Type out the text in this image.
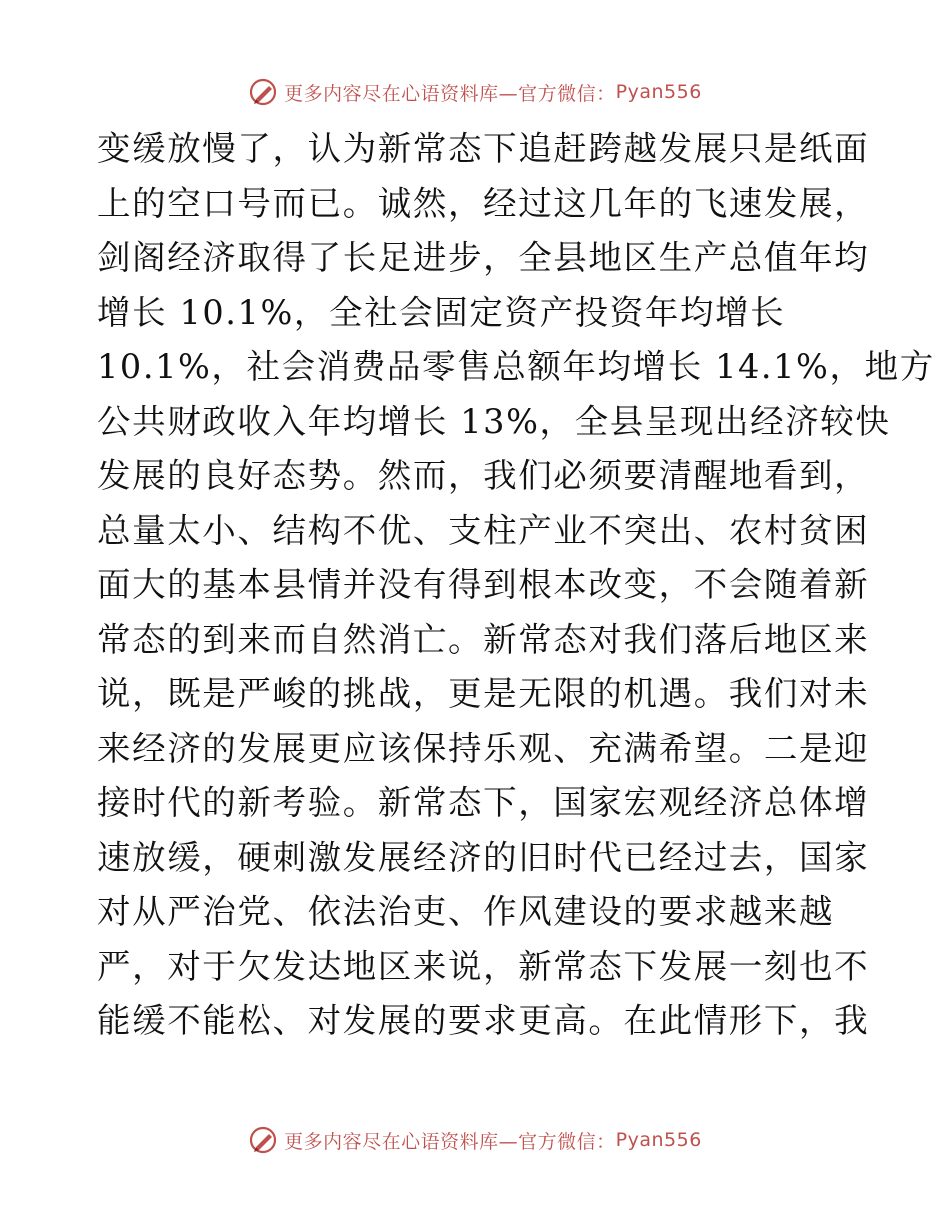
更多内容尽在心语资料库—官方微信： Pyan556
变缓放慢了，认为新常态下追赶跨越发展只是纸面
上的空口号而已。诚然，经过这几年的飞速发展，
剑阁经济取得了长足进步，全县地区生产总值年均
增长 10.1%，全社会固定资产投资年均增长
10.1%，社会消费品零售总额年均增长 14.1%，地方
公共财政收入年均增长 13%，全县呈现出经济较快
发展的良好态势。然而，我们必须要清醒地看到，
总量太小、结构不优、支柱产业不突出、农村贫困
面大的基本县情并没有得到根本改变，不会随着新
常态的到来而自然消亡。新常态对我们落后地区来
说，既是严峻的挑战，更是无限的机遇。我们对未
来经济的发展更应该保持乐观、充满希望。二是迎
接时代的新考验。新常态下，国家宏观经济总体增
速放缓，硬刺激发展经济的旧时代已经过去，国家
对从严治党、依法治吏、作风建设的要求越来越
严，对于欠发达地区来说，新常态下发展一刻也不
能缓不能松、对发展的要求更高。在此情形下，我
更多内容尽在心语资料库—官方微信： Pyan556
